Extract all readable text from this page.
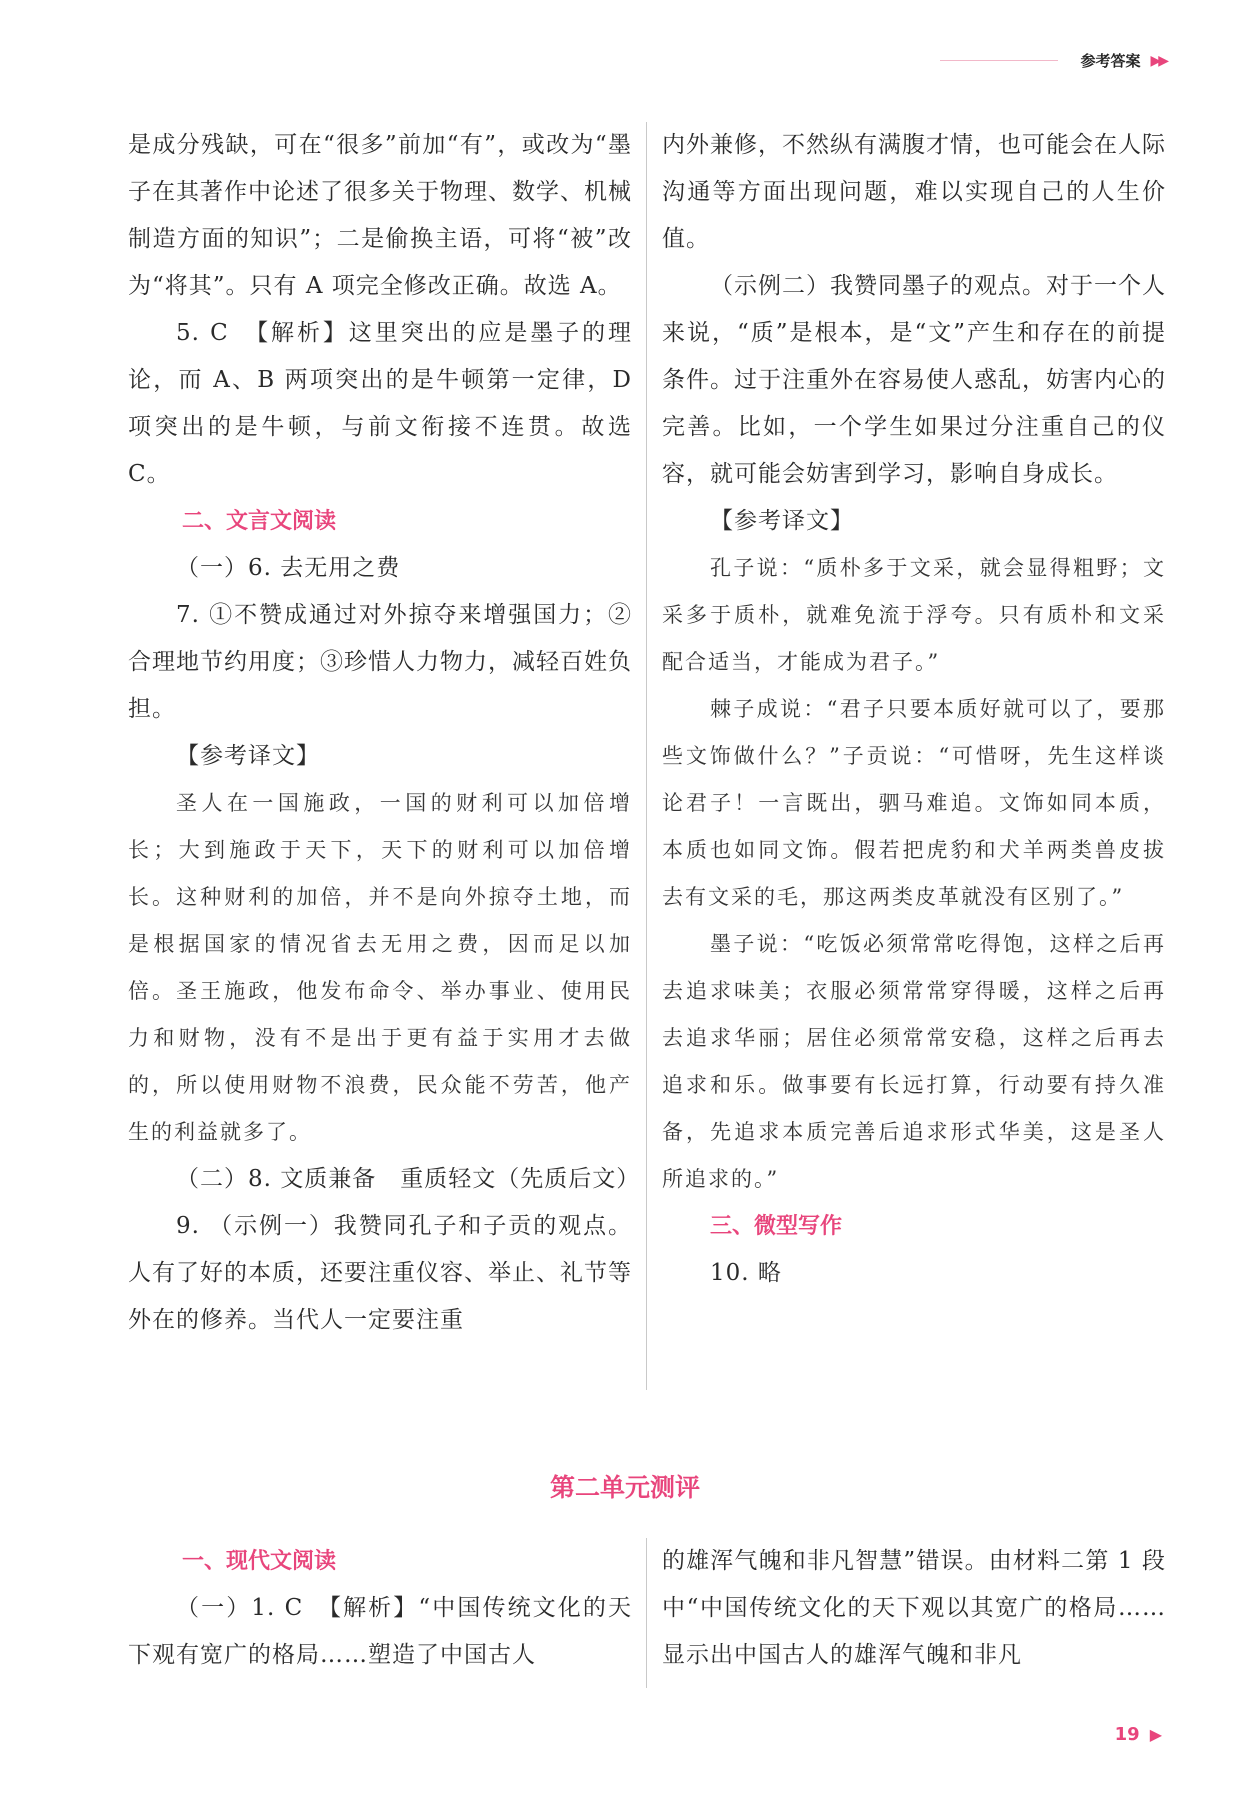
参考答案 ▶▶

是成分残缺，可在“很多”前加“有”，或改为“墨子在其著作中论述了很多关于物理、数学、机械制造方面的知识”；二是偷换主语，可将“被”改为“将其”。只有 A 项完全修改正确。故选 A。

5. C　【解析】这里突出的应是墨子的理论，而 A、B 两项突出的是牛顿第一定律，D 项突出的是牛顿，与前文衔接不连贯。故选 C。

二、文言文阅读

（一）6. 去无用之费

7. ①不赞成通过对外掠夺来增强国力；②合理地节约用度；③珍惜人力物力，减轻百姓负担。

【参考译文】

圣人在一国施政，一国的财利可以加倍增长；大到施政于天下，天下的财利可以加倍增长。这种财利的加倍，并不是向外掠夺土地，而是根据国家的情况省去无用之费，因而足以加倍。圣王施政，他发布命令、举办事业、使用民力和财物，没有不是出于更有益于实用才去做的，所以使用财物不浪费，民众能不劳苦，他产生的利益就多了。

（二）8. 文质兼备　重质轻文（先质后文）

9. （示例一）我赞同孔子和子贡的观点。人有了好的本质，还要注重仪容、举止、礼节等外在的修养。当代人一定要注重

内外兼修，不然纵有满腹才情，也可能会在人际沟通等方面出现问题，难以实现自己的人生价值。

（示例二）我赞同墨子的观点。对于一个人来说，“质”是根本，是“文”产生和存在的前提条件。过于注重外在容易使人惑乱，妨害内心的完善。比如，一个学生如果过分注重自己的仪容，就可能会妨害到学习，影响自身成长。

【参考译文】

孔子说：“质朴多于文采，就会显得粗野；文采多于质朴，就难免流于浮夸。只有质朴和文采配合适当，才能成为君子。”

棘子成说：“君子只要本质好就可以了，要那些文饰做什么？”子贡说：“可惜呀，先生这样谈论君子！一言既出，驷马难追。文饰如同本质，本质也如同文饰。假若把虎豹和犬羊两类兽皮拔去有文采的毛，那这两类皮革就没有区别了。”

墨子说：“吃饭必须常常吃得饱，这样之后再去追求味美；衣服必须常常穿得暖，这样之后再去追求华丽；居住必须常常安稳，这样之后再去追求和乐。做事要有长远打算，行动要有持久准备，先追求本质完善后追求形式华美，这是圣人所追求的。”

三、微型写作

10. 略

第二单元测评
一、现代文阅读

（一）1. C　【解析】“中国传统文化的天下观有宽广的格局……塑造了中国古人

的雄浑气魄和非凡智慧”错误。由材料二第 1 段中“中国传统文化的天下观以其宽广的格局……显示出中国古人的雄浑气魄和非凡

19 ▶
